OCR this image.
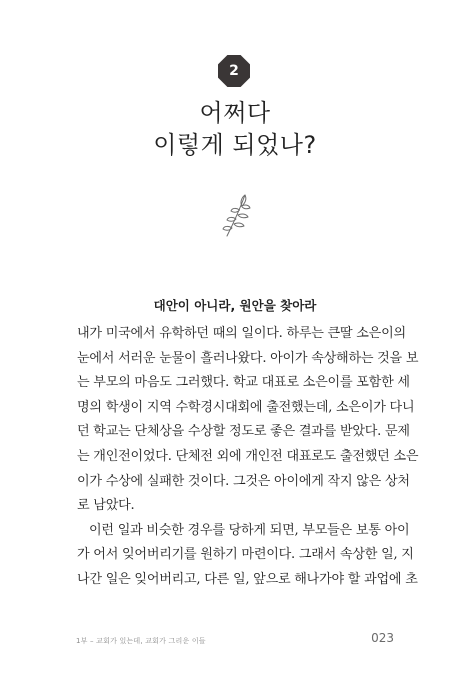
2
어쩌다
이렇게 되었나?
대안이 아니라, 원안을 찾아라
내가 미국에서 유학하던 때의 일이다. 하루는 큰딸 소은이의
눈에서 서러운 눈물이 흘러나왔다. 아이가 속상해하는 것을 보
는 부모의 마음도 그러했다. 학교 대표로 소은이를 포함한 세
명의 학생이 지역 수학경시대회에 출전했는데, 소은이가 다니
던 학교는 단체상을 수상할 정도로 좋은 결과를 받았다. 문제
는 개인전이었다. 단체전 외에 개인전 대표로도 출전했던 소은
이가 수상에 실패한 것이다. 그것은 아이에게 작지 않은 상처
로 남았다.
이런 일과 비슷한 경우를 당하게 되면, 부모들은 보통 아이
가 어서 잊어버리기를 원하기 마련이다. 그래서 속상한 일, 지
나간 일은 잊어버리고, 다른 일, 앞으로 해나가야 할 과업에 초
1부 – 교회가 있는데, 교회가 그리운 이들	023
